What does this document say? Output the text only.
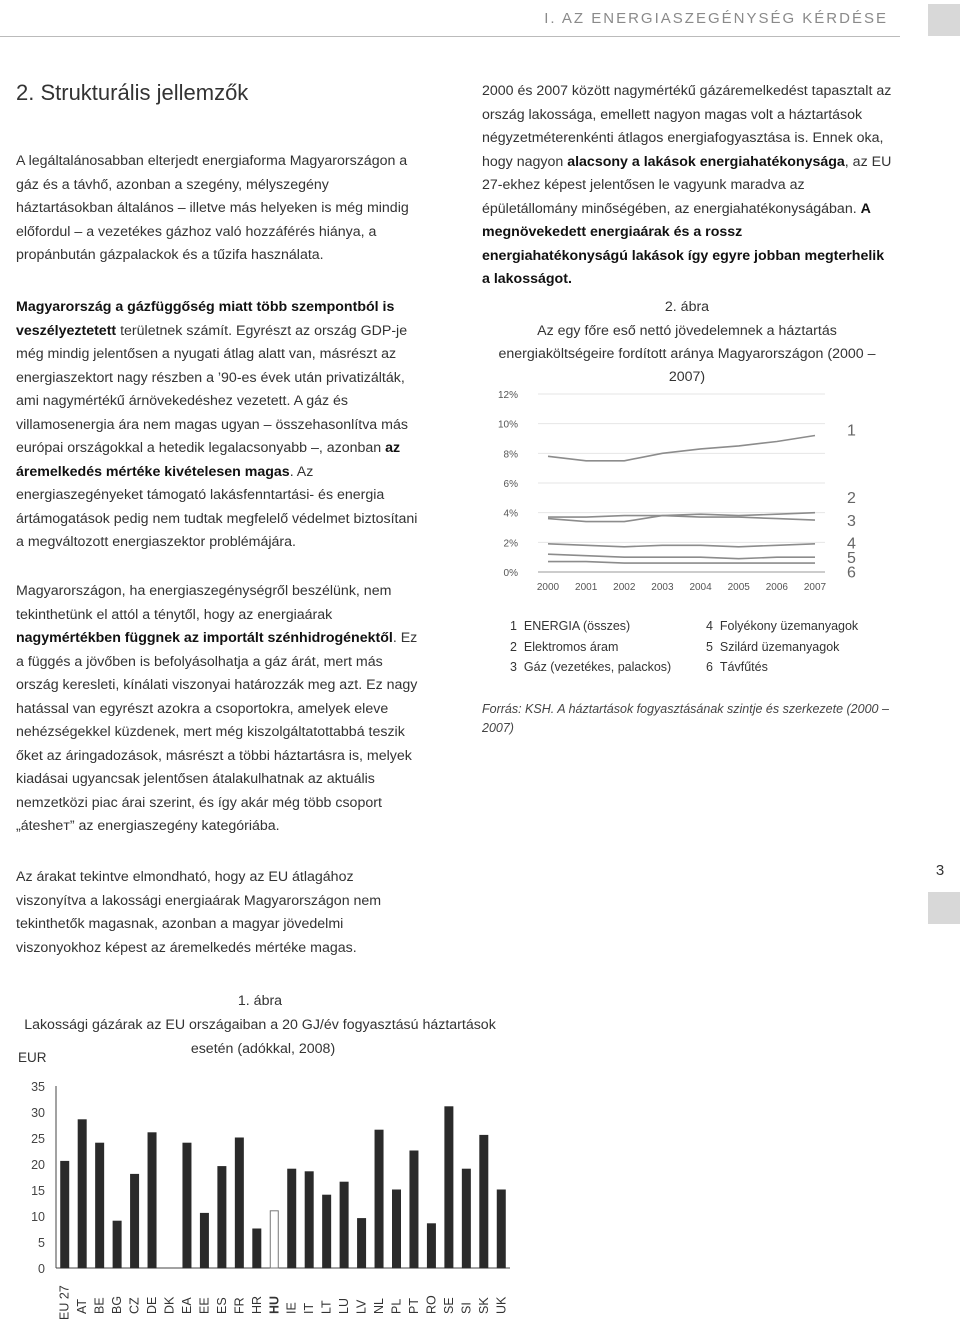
I. AZ ENERGIASZEGÉNYSÉG KÉRDÉSE
3
2. Strukturális jellemzők

A legáltalánosabban elterjedt energiaforma Magyarországon a gáz és a távhő, azonban a szegény, mélyszegény háztartásokban általános – illetve más helyeken is még mindig előfordul – a vezetékes gázhoz való hozzáférés hiánya, a propánbután gázpalackok és a tűzifa használata.

Magyarország a gázfüggőség miatt több szempontból is veszélyeztetett területnek számít. Egyrészt az ország GDP-je még mindig jelentősen a nyugati átlag alatt van, másrészt az energiaszektort nagy részben a ’90-es évek után privatizálták, ami nagymértékű árnövekedéshez vezetett. A gáz és villamosenergia ára nem magas ugyan – összehasonlítva más európai országokkal a hetedik legalacsonyabb –, azonban az áremelkedés mértéke kivételesen magas. Az energiaszegényeket támogató lakásfenntartási- és energia ártámogatások pedig nem tudtak megfelelő védelmet biztosítani a megváltozott energiaszektor problémájára.

Magyarországon, ha energiaszegénységről beszélünk, nem tekinthetünk el attól a ténytől, hogy az energiaárak nagymértékben függnek az importált szénhidrogénektől. Ez a függés a jövőben is befolyásolhatja a gáz árát, mert más ország keresleti, kínálati viszonyai határozzák meg azt. Ez nagy hatással van egyrészt azokra a csoportokra, amelyek eleve nehézségekkel küzdenek, mert még kiszolgáltatottabbá teszik őket az áringadozások, másrészt a többi háztartásra is, melyek kiadásai ugyancsak jelentősen átalakulhatnak az aktuális nemzetközi piac árai szerint, és így akár még több csoport „átesheт” az energiaszegény kategóriába.

Az árakat tekintve elmondható, hogy az EU átlagához viszonyítva a lakossági energiaárak Magyarországon nem tekinthetők magasnak, azonban a magyar jövedelmi viszonyokhoz képest az áremelkedés mértéke magas.

2000 és 2007 között nagymértékű gázáremelkedést tapasztalt az ország lakossága, emellett nagyon magas volt a háztartások négyzetméterenkénti átlagos energiafogyasztása is. Ennek oka, hogy nagyon alacsony a lakások energiahatékonysága, az EU 27-ekhez képest jelentősen le vagyunk maradva az épületállomány minőségében, az energiahatékonyságában. A megnövekedett energiaárak és a rossz energiahatékonyságú lakások így egyre jobban megterhelik a lakosságot.

2. ábra
Az egy főre eső nettó jövedelemnek a háztartás energiaköltségeire fordított aránya Magyarországon (2000 – 2007)
0%
2%
4%
6%
8%
10%
12%
2000 2001 2002 2003 2004 2005 2006 2007
1
2
3
4
5
6
1 ENERGIA (összes)
2 Elektromos áram
3 Gáz (vezetékes, palackos)
4 Folyékony üzemanyagok
5 Szilárd üzemanyagok
6 Távfűtés
Forrás: KSH. A háztartások fogyasztásának szintje és szerkezete (2000 – 2007)
1. ábra
Lakossági gázárak az EU országaiban a 20 GJ/év fogyasztású háztartások
esetén (adókkal, 2008)
EUR
0
5
10
15
20
25
30
35
EU 27 AT BE BG CZ DE DK EA EE ES FR HR HU IE IT LT LU LV NL PL PT RO SE SI SK UK
